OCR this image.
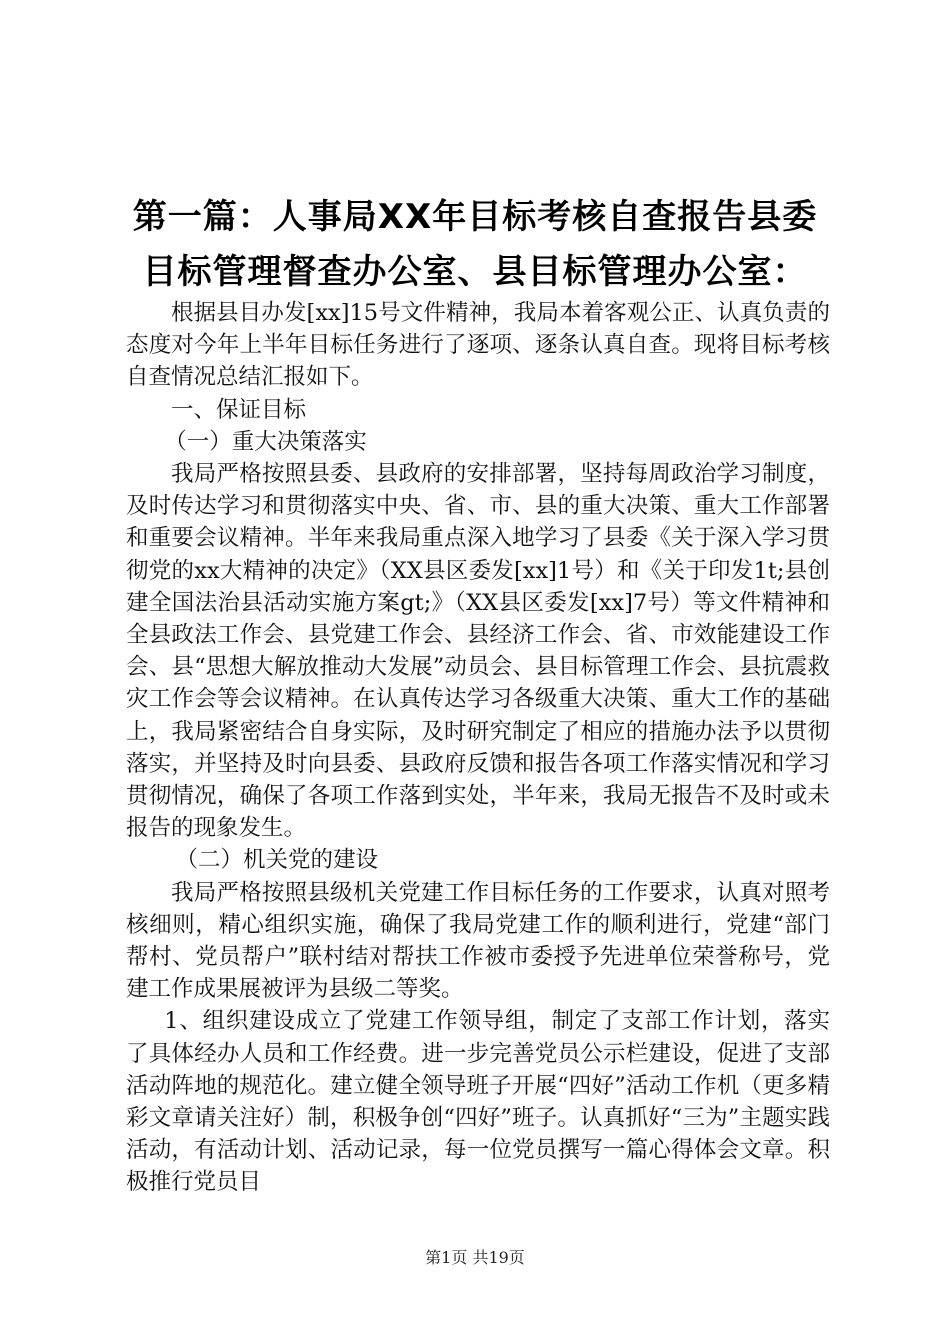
第一篇：人事局XX年目标考核自查报告县委
目标管理督查办公室、县目标管理办公室：

根据县目办发[xx]15号文件精神，我局本着客观公正、认真负责的态度对今年上半年目标任务进行了逐项、逐条认真自查。现将目标考核自查情况总结汇报如下。

一、保证目标

（一）重大决策落实

我局严格按照县委、县政府的安排部署，坚持每周政治学习制度，及时传达学习和贯彻落实中央、省、市、县的重大决策、重大工作部署和重要会议精神。半年来我局重点深入地学习了县委《关于深入学习贯彻党的xx大精神的决定》（XX县区委发[xx]1号）和《关于印发1t;县创建全国法治县活动实施方案gt;》（XX县区委发[xx]7号）等文件精神和全县政法工作会、县党建工作会、县经济工作会、省、市效能建设工作会、县“思想大解放推动大发展”动员会、县目标管理工作会、县抗震救灾工作会等会议精神。在认真传达学习各级重大决策、重大工作的基础上，我局紧密结合自身实际，及时研究制定了相应的措施办法予以贯彻落实，并坚持及时向县委、县政府反馈和报告各项工作落实情况和学习贯彻情况，确保了各项工作落到实处，半年来，我局无报告不及时或未报告的现象发生。

（二）机关党的建设

我局严格按照县级机关党建工作目标任务的工作要求，认真对照考核细则，精心组织实施，确保了我局党建工作的顺利进行，党建“部门帮村、党员帮户”联村结对帮扶工作被市委授予先进单位荣誉称号，党建工作成果展被评为县级二等奖。

1、组织建设成立了党建工作领导组，制定了支部工作计划，落实了具体经办人员和工作经费。进一步完善党员公示栏建设，促进了支部活动阵地的规范化。建立健全领导班子开展“四好”活动工作机（更多精彩文章请关注好）制，积极争创“四好”班子。认真抓好“三为”主题实践活动，有活动计划、活动记录，每一位党员撰写一篇心得体会文章。积极推行党员目

第1页 共19页
